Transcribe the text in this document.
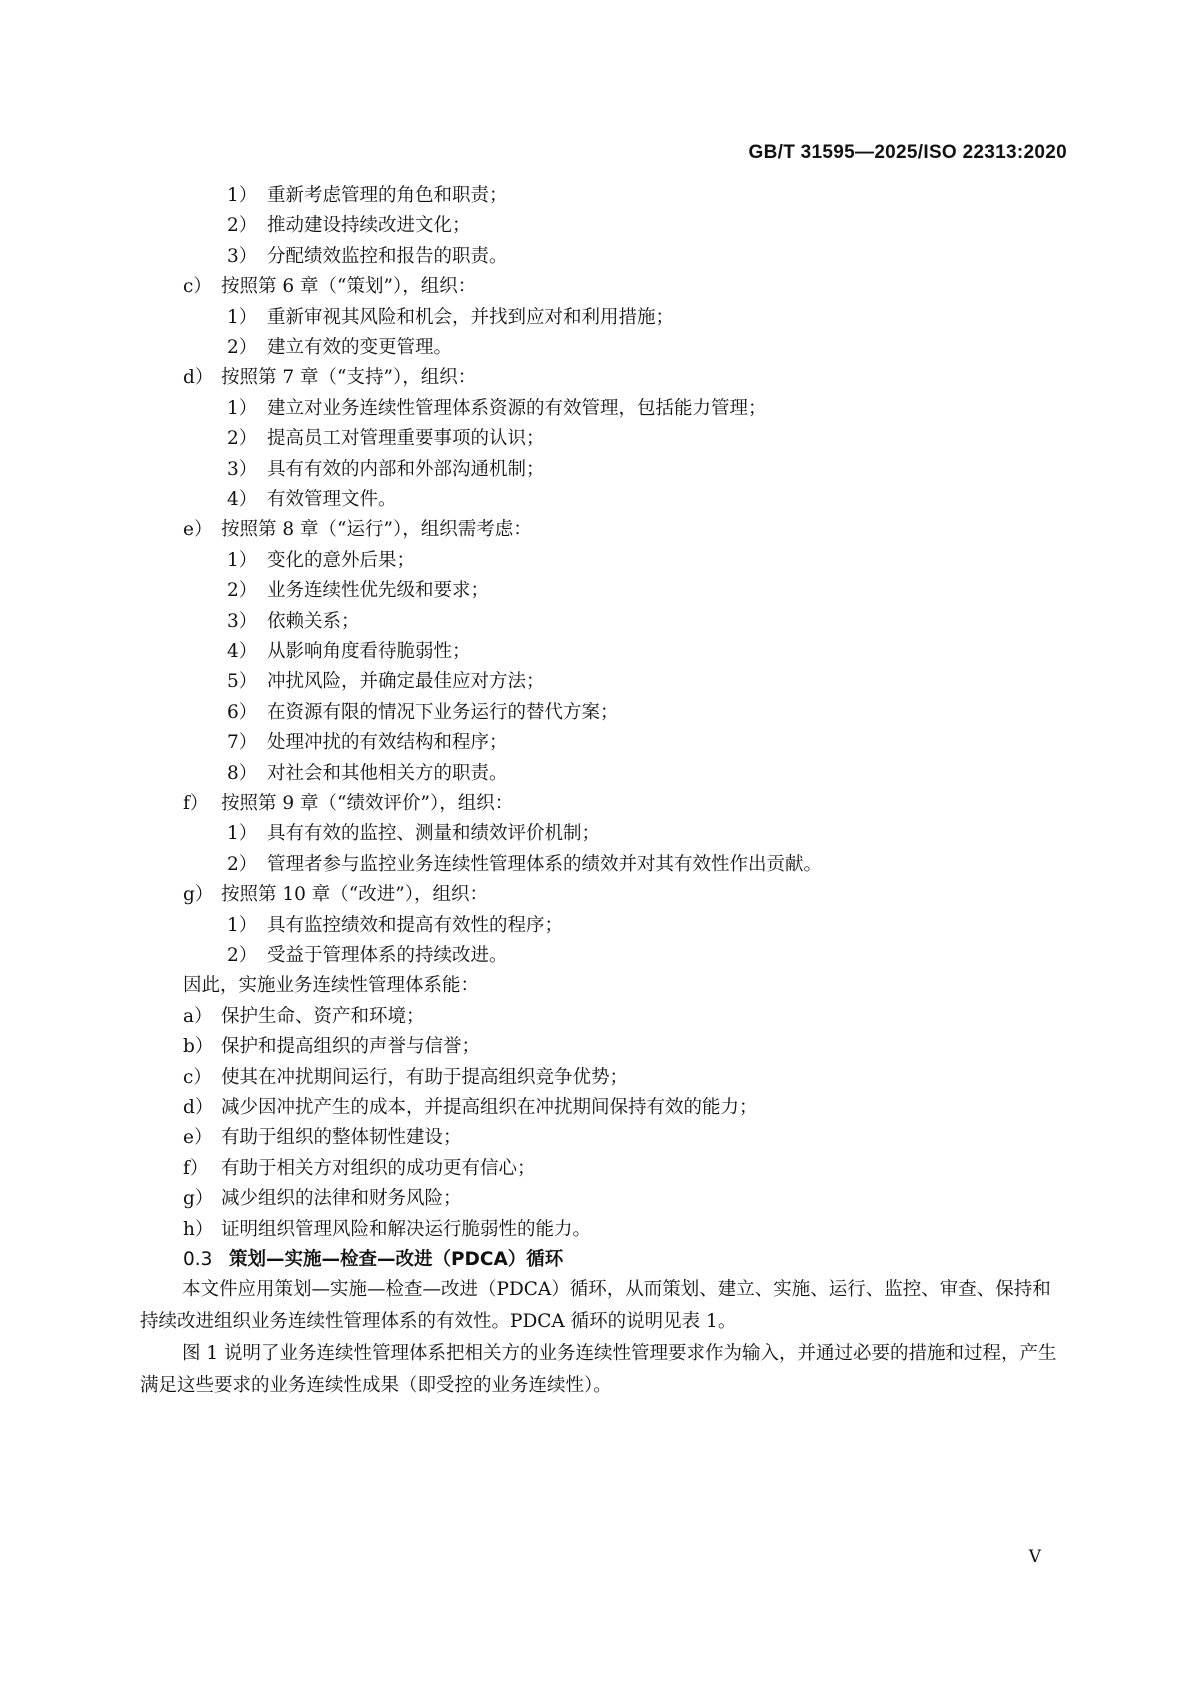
GB/T 31595—2025/ISO 22313:2020
1） 重新考虑管理的角色和职责；
2） 推动建设持续改进文化；
3） 分配绩效监控和报告的职责。
c） 按照第 6 章（“策划”），组织：
1） 重新审视其风险和机会，并找到应对和利用措施；
2） 建立有效的变更管理。
d） 按照第 7 章（“支持”），组织：
1） 建立对业务连续性管理体系资源的有效管理，包括能力管理；
2） 提高员工对管理重要事项的认识；
3） 具有有效的内部和外部沟通机制；
4） 有效管理文件。
e） 按照第 8 章（“运行”），组织需考虑：
1） 变化的意外后果；
2） 业务连续性优先级和要求；
3） 依赖关系；
4） 从影响角度看待脆弱性；
5） 冲扰风险，并确定最佳应对方法；
6） 在资源有限的情况下业务运行的替代方案；
7） 处理冲扰的有效结构和程序；
8） 对社会和其他相关方的职责。
f） 按照第 9 章（“绩效评价”），组织：
1） 具有有效的监控、测量和绩效评价机制；
2） 管理者参与监控业务连续性管理体系的绩效并对其有效性作出贡献。
g） 按照第 10 章（“改进”），组织：
1） 具有监控绩效和提高有效性的程序；
2） 受益于管理体系的持续改进。
因此，实施业务连续性管理体系能：
a） 保护生命、资产和环境；
b） 保护和提高组织的声誉与信誉；
c） 使其在冲扰期间运行，有助于提高组织竞争优势；
d） 减少因冲扰产生的成本，并提高组织在冲扰期间保持有效的能力；
e） 有助于组织的整体韧性建设；
f） 有助于相关方对组织的成功更有信心；
g） 减少组织的法律和财务风险；
h） 证明组织管理风险和解决运行脆弱性的能力。
0.3 策划—实施—检查—改进（PDCA）循环

本文件应用策划—实施—检查—改进（PDCA）循环，从而策划、建立、实施、运行、监控、审查、保持和持续改进组织业务连续性管理体系的有效性。PDCA 循环的说明见表 1。

图 1 说明了业务连续性管理体系把相关方的业务连续性管理要求作为输入，并通过必要的措施和过程，产生满足这些要求的业务连续性成果（即受控的业务连续性）。

V
